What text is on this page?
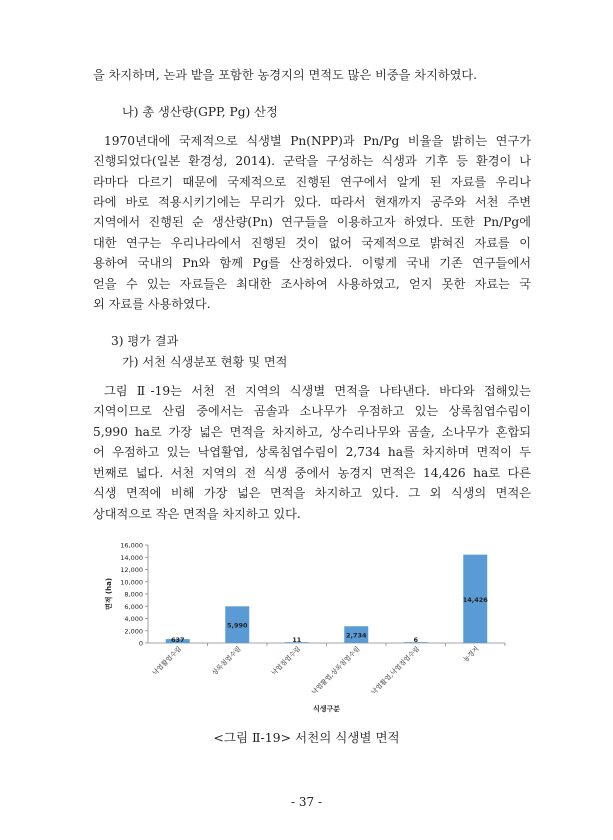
을 차지하며, 논과 밭을 포함한 농경지의 면적도 많은 비중을 차지하였다.
나) 총 생산량(GPP, Pg) 산정
1970년대에 국제적으로 식생별 Pn(NPP)과 Pn/Pg 비율을 밝히는 연구가
진행되었다(일본 환경성, 2014). 군락을 구성하는 식생과 기후 등 환경이 나
라마다 다르기 때문에 국제적으로 진행된 연구에서 알게 된 자료를 우리나
라에 바로 적용시키기에는 무리가 있다. 따라서 현재까지 공주와 서천 주변
지역에서 진행된 순 생산량(Pn) 연구들을 이용하고자 하였다. 또한 Pn/Pg에
대한 연구는 우리나라에서 진행된 것이 없어 국제적으로 밝혀진 자료를 이
용하여 국내의 Pn와 함께 Pg를 산정하였다. 이렇게 국내 기존 연구들에서
얻을 수 있는 자료들은 최대한 조사하여 사용하였고, 얻지 못한 자료는 국
외 자료를 사용하였다.
3) 평가 결과
가) 서천 식생분포 현황 및 면적
그림 Ⅱ-19는 서천 전 지역의 식생별 면적을 나타낸다. 바다와 접해있는
지역이므로 산림 중에서는 곰솔과 소나무가 우점하고 있는 상록침엽수림이
5,990 ha로 가장 넓은 면적을 차지하고, 상수리나무와 곰솔, 소나무가 혼합되
어 우점하고 있는 낙엽활엽, 상록침엽수림이 2,734 ha를 차지하며 면적이 두
번째로 넓다. 서천 지역의 전 식생 중에서 농경지 면적은 14,426 ha로 다른
식생 면적에 비해 가장 넓은 면적을 차지하고 있다. 그 외 식생의 면적은
상대적으로 작은 면적을 차지하고 있다.
0
2,000
4,000
6,000
8,000
10,000
12,000
14,000
16,000
면적 (ha)
637
낙엽활엽수림
5,990
상록침엽수림
11
낙엽침엽수림
2,734
낙엽활엽,상록침엽수림
6
낙엽활엽,낙엽침엽수림
14,426
농경지
식생구분
<그림 Ⅱ-19> 서천의 식생별 면적
- 37 -
